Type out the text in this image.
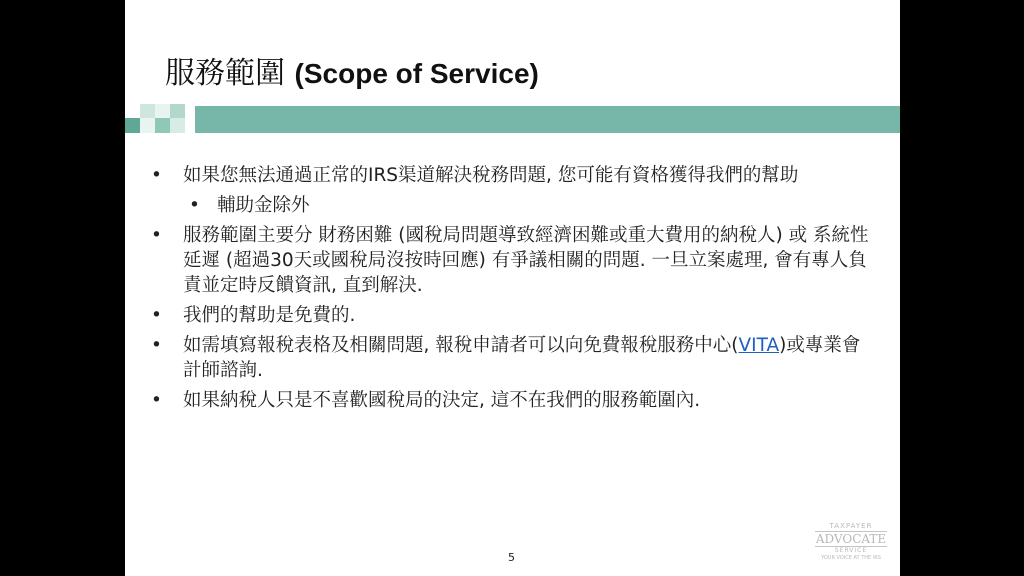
服務範圍 (Scope of Service)
• 如果您無法通過正常的IRS渠道解決稅務問題, 您可能有資格獲得我們的幫助
• 輔助金除外
• 服務範圍主要分 財務困難 (國稅局問題導致經濟困難或重大費用的納稅人) 或 系統性延遲 (超過30天或國稅局沒按時回應) 有爭議相關的問題. 一旦立案處理, 會有專人負責並定時反饋資訊, 直到解決.
• 我們的幫助是免費的.
• 如需填寫報稅表格及相關問題, 報稅申請者可以向免費報稅服務中心(VITA)或專業會計師諮詢.
• 如果納稅人只是不喜歡國稅局的決定, 這不在我們的服務範圍內.
5
TAXPAYER
ADVOCATE
SERVICE
YOUR VOICE AT THE IRS
